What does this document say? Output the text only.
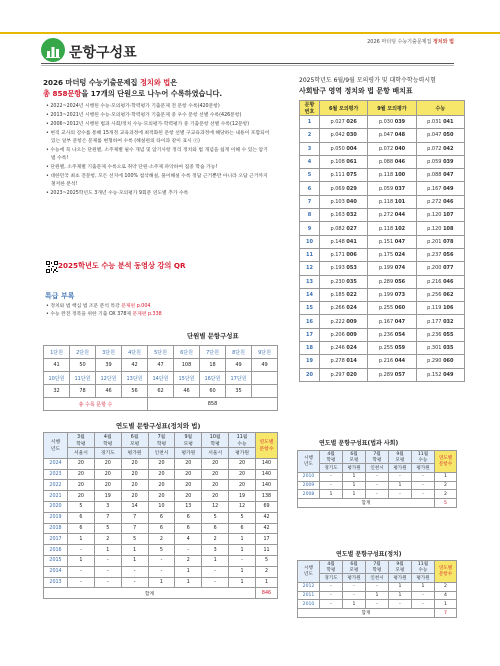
문항구성표
2026 마더텅 수능기출문제집 정치와 법
2026 마더텅 수능기출문제집 정치와 법은
총 858문항을 17개의 단원으로 나누어 수록하였습니다.
• 2022~2024년 시행된 수능·모의평가·학력평가 기출문제 전 문항 수록(420문항)
• 2013~2021년 시행된 수능·모의평가·학력평가 기출문제 중 우수 문항 선별 수록(426문항)
• 2006~2012년 시행된 법과 사회/정치 수능·모의평가·학력평가 중 기출문항 선별 수록(12문항)
• 현직 교사의 강수를 통해 15개정 교육과정에 최적화된 문항 선별 구교육과정에 해당하는 내용이 포함되어 있는 일부 문항은 문제를 변형하여 수록 (해설편의 타이과 같이 표시 ⓔ)
• 수능에 꼭 나오는 단원별, 소주제별 필수 개념 및 암기사항 정리 정치와 법 개념을 쉽게 이해 수 있는 암기법 수록!
• 단원별, 소주제별 기출문제 수록으로 취약 단원·소주제 파악하여 집중 학습 가능!
• 대한민국 최초 전문항, 모든 선지에 100% 첨삭해설, 풀이해설 수록 정답 근거뿐만 아니라 오답 근거까지 철저한 분석!
• 2023~2025학년도 3개년 수능·모의평가 9회분 연도별 추가 수록
2025학년도 수능 분석 동영상 강의 QR
특급 부록
• 정치와 법 핵심 법 조문 분석 특강 문제편 p.004
• 수능 완전 정복을 위한 기출 OX 378제 문제편 p.338
단원별 문항구성표
1단원	2단원	3단원	4단원	5단원	6단원	7단원	8단원	9단원
41	50	39	42	47	108	18	49	49
10단원	11단원	12단원	13단원	14단원	15단원	16단원	17단원	
32	78	46	56	62	46	60	35	
총 수록 문항 수				858				
연도별 문항구성표(정치와 법)
시행
년도	3월
학평	4월
학평	6월
모평	7월
학평	9월
모평	10월
학평	11월
수능	연도별
문항수
	서울시	경기도	평가원	인천시	평가원	서울시	평가원	
2024	20	20	20	20	20	20	20	140
2023	20	20	20	20	20	20	20	140
2022	20	20	20	20	20	20	20	140
2021	20	19	20	20	20	20	19	138
2020	5	3	14	10	13	12	12	69
2019	6	7	7	6	6	5	5	42
2018	6	5	7	6	6	6	6	42
2017	1	2	5	2	4	2	1	17
2016	-	1	1	5	-	3	1	11
2015	1	-	1	-	2	1	-	5
2014	-	-	-	-	1	-	1	2
2013	-	-	-	1	1	-	1	1
합계								846
2025학년도 6월/9월 모의평가 및 대학수학능력시험
사회탐구 영역 정치와 법 문항 배치표
문항
번호	6월 모의평가	9월 모의평가	수능
1	p.027 026	p.030 039	p.031 041
2	p.042 030	p.047 048	p.047 050
3	p.050 004	p.072 040	p.072 042
4	p.108 061	p.088 046	p.059 039
5	p.111 075	p.118 100	p.088 047
6	p.069 029	p.059 037	p.167 049
7	p.103 040	p.118 101	p.272 046
8	p.163 032	p.272 044	p.120 107
9	p.082 027	p.118 102	p.120 108
10	p.148 041	p.151 047	p.201 078
11	p.171 006	p.175 024	p.237 056
12	p.193 053	p.199 074	p.200 077
13	p.230 035	p.289 056	p.216 046
14	p.185 022	p.199 073	p.256 062
15	p.266 024	p.255 060	p.119 106
16	p.222 009	p.167 047	p.177 032
17	p.206 009	p.236 054	p.236 055
18	p.246 024	p.255 059	p.301 035
19	p.278 014	p.216 044	p.290 060
20	p.297 020	p.289 057	p.152 049
연도별 문항구성표(법과 사회)
시행
년도	4월
학평	6월
모평	7월
학평	9월
모평	11월
수능	연도별
문항수
	경기도	평가원	인천시	평가원	평가원	
2010	-	1	-	-	-	1
2009	-	1	-	1	-	2
2008	1	1	-	-	-	2
합계						5
연도별 문항구성표(정치)
시행
년도	4월
학평	6월
모평	7월
학평	9월
모평	11월
수능	연도별
문항수
	경기도	평가원	인천시	평가원	평가원	
2012	-	-	-	1	1	2
2011	-	-	1	1	-	4
2010	-	1	-	-	-	1
합계						7
